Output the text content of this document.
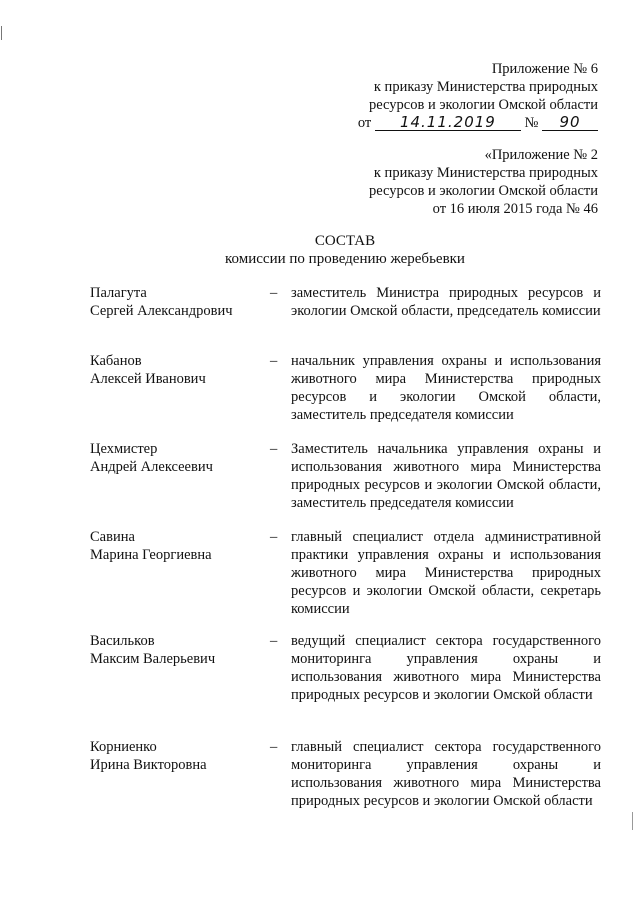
Приложение № 6
к приказу Министерства природных
ресурсов и экологии Омской области
от 14.11.2019 № 90
«Приложение № 2
к приказу Министерства природных
ресурсов и экологии Омской области
от 16 июля 2015 года № 46
СОСТАВ
комиссии по проведению жеребьевки
Палагута
Сергей Александрович
– заместитель Министра природных ресурсов и экологии Омской области, председатель комиссии
Кабанов
Алексей Иванович
– начальник управления охраны и использования животного мира Министерства природных ресурсов и экологии Омской области, заместитель председателя комиссии
Цехмистер
Андрей Алексеевич
– Заместитель начальника управления охраны и использования животного мира Министерства природных ресурсов и экологии Омской области, заместитель председателя комиссии
Савина
Марина Георгиевна
– главный специалист отдела административной практики управления охраны и использования животного мира Министерства природных ресурсов и экологии Омской области, секретарь комиссии
Васильков
Максим Валерьевич
– ведущий специалист сектора государственного мониторинга управления охраны и использования животного мира Министерства природных ресурсов и экологии Омской области
Корниенко
Ирина Викторовна
– главный специалист сектора государственного мониторинга управления охраны и использования животного мира Министерства природных ресурсов и экологии Омской области
